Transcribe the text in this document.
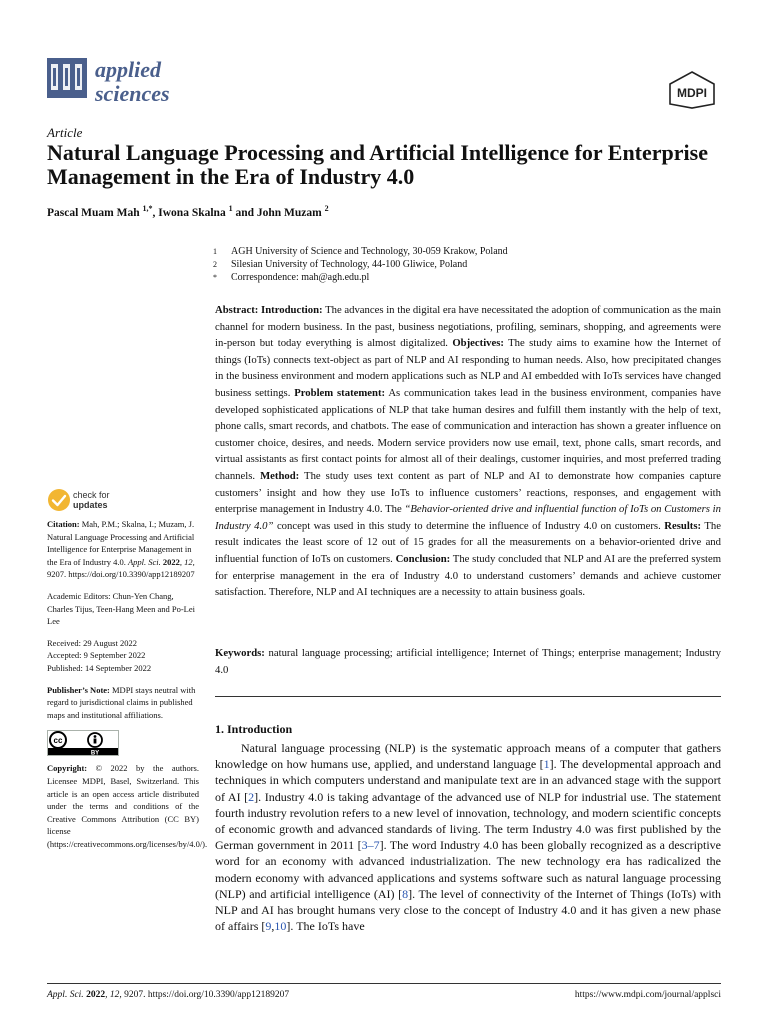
applied
sciences	MDPI
Article
Natural Language Processing and Artificial Intelligence for Enterprise Management in the Era of Industry 4.0
Pascal Muam Mah $^{1,*}$, Iwona Skalna $^1$ and John Muzam $^2$
1	AGH University of Science and Technology, 30-059 Krakow, Poland
2	Silesian University of Technology, 44-100 Gliwice, Poland
*	Correspondence: mah@agh.edu.pl
Abstract: Introduction: The advances in the digital era have necessitated the adoption of communication as the main channel for modern business. In the past, business negotiations, profiling, seminars, shopping, and agreements were in-person but today everything is almost digitalized. Objectives: The study aims to examine how the Internet of things (IoTs) connects text-object as part of NLP and AI responding to human needs. Also, how precipitated changes in the business environment and modern applications such as NLP and AI embedded with IoTs services have changed business settings. Problem statement: As communication takes lead in the business environment, companies have developed sophisticated applications of NLP that take human desires and fulfill them instantly with the help of text, phone calls, smart records, and chatbots. The ease of communication and interaction has shown a greater influence on customer choice, desires, and needs. Modern service providers now use email, text, phone calls, smart records, and virtual assistants as first contact points for almost all of their dealings, customer inquiries, and most preferred trading channels. Method: The study uses text content as part of NLP and AI to demonstrate how companies capture customers’ insight and how they use IoTs to influence customers’ reactions, responses, and engagement with enterprise management in Industry 4.0. The “Behavior-oriented drive and influential function of IoTs on Customers in Industry 4.0” concept was used in this study to determine the influence of Industry 4.0 on customers. Results: The result indicates the least score of 12 out of 15 grades for all the measurements on a behavior-oriented drive and influential function of IoTs on customers. Conclusion: The study concluded that NLP and AI are the preferred system for enterprise management in the era of Industry 4.0 to understand customers’ demands and achieve customer satisfaction. Therefore, NLP and AI techniques are a necessity to attain business goals.
Keywords: natural language processing; artificial intelligence; Internet of Things; enterprise management; Industry 4.0
1. Introduction
Natural language processing (NLP) is the systematic approach means of a computer that gathers knowledge on how humans use, applied, and understand language [1]. The developmental approach and techniques in which computers understand and manipulate text are in an advanced stage with the support of AI [2]. Industry 4.0 is taking advantage of the advanced use of NLP for industrial use. The statement fourth industry revolution refers to a new level of innovation, technology, and modern scientific concepts of economic growth and advanced standards of living. The term Industry 4.0 was first published by the German government in 2011 [3–7]. The word Industry 4.0 has been globally recognized as a descriptive word for an economy with advanced industrialization. The new technology era has radicalized the modern economy with advanced applications and systems software such as natural language processing (NLP) and artificial intelligence (AI) [8]. The level of connectivity of the Internet of Things (IoTs) with NLP and AI has brought humans very close to the concept of Industry 4.0 and it has given a new phase of affairs [9,10]. The IoTs have
check for
updates
Citation: Mah, P.M.; Skalna, I.; Muzam, J. Natural Language Processing and Artificial Intelligence for Enterprise Management in the Era of Industry 4.0. Appl. Sci. 2022, 12, 9207. https://doi.org/10.3390/app12189207
Academic Editors: Chun-Yen Chang, Charles Tijus, Teen-Hang Meen and Po-Lei Lee
Received: 29 August 2022
Accepted: 9 September 2022
Published: 14 September 2022
Publisher’s Note: MDPI stays neutral with regard to jurisdictional claims in published maps and institutional affiliations.
cc
BY
Copyright: © 2022 by the authors. Licensee MDPI, Basel, Switzerland. This article is an open access article distributed under the terms and conditions of the Creative Commons Attribution (CC BY) license (https://creativecommons.org/licenses/by/4.0/).
Appl. Sci. 2022, 12, 9207. https://doi.org/10.3390/app12189207	https://www.mdpi.com/journal/applsci
